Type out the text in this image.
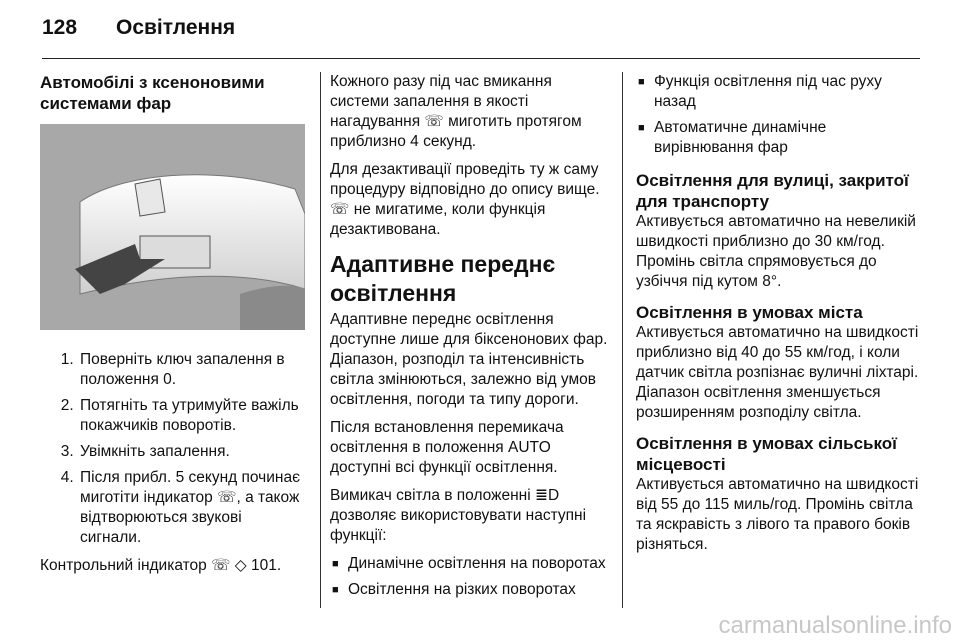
128 Освітлення
Автомобілі з ксеноновими системами фар
1. Поверніть ключ запалення в положення 0.
2. Потягніть та утримуйте важіль покажчиків поворотів.
3. Увімкніть запалення.
4. Після прибл. 5 секунд починає миготіти індикатор ☏, а також відтворюються звукові сигнали.

Контрольний індикатор ☏ ◇ 101.

Кожного разу під час вмикання системи запалення в якості нагадування ☏ миготить протягом приблизно 4 секунд.

Для дезактивації проведіть ту ж саму процедуру відповідно до опису вище. ☏ не мигатиме, коли функція дезактивована.

Адаптивне переднє освітлення

Адаптивне переднє освітлення доступне лише для біксенонових фар. Діапазон, розподіл та інтенсивність світла змінюються, залежно від умов освітлення, погоди та типу дороги.

Після встановлення перемикача освітлення в положення AUTO доступні всі функції освітлення.

Вимикач світла в положенні ≣D дозволяє використовувати наступні функції:

■ Динамічне освітлення на поворотах
■ Освітлення на різких поворотах
■ Функція освітлення під час руху назад
■ Автоматичне динамічне вирівнювання фар
Освітлення для вулиці, закритої для транспорту

Активується автоматично на невеликій швидкості приблизно до 30 км/год. Промінь світла спрямовується до узбіччя під кутом 8°.

Освітлення в умовах міста

Активується автоматично на швидкості приблизно від 40 до 55 км/год, і коли датчик світла розпізнає вуличні ліхтарі. Діапазон освітлення зменшується розширенням розподілу світла.

Освітлення в умовах сільської місцевості

Активується автоматично на швидкості від 55 до 115 миль/год. Промінь світла та яскравість з лівого та правого боків різняться.

carmanualsonline.info
